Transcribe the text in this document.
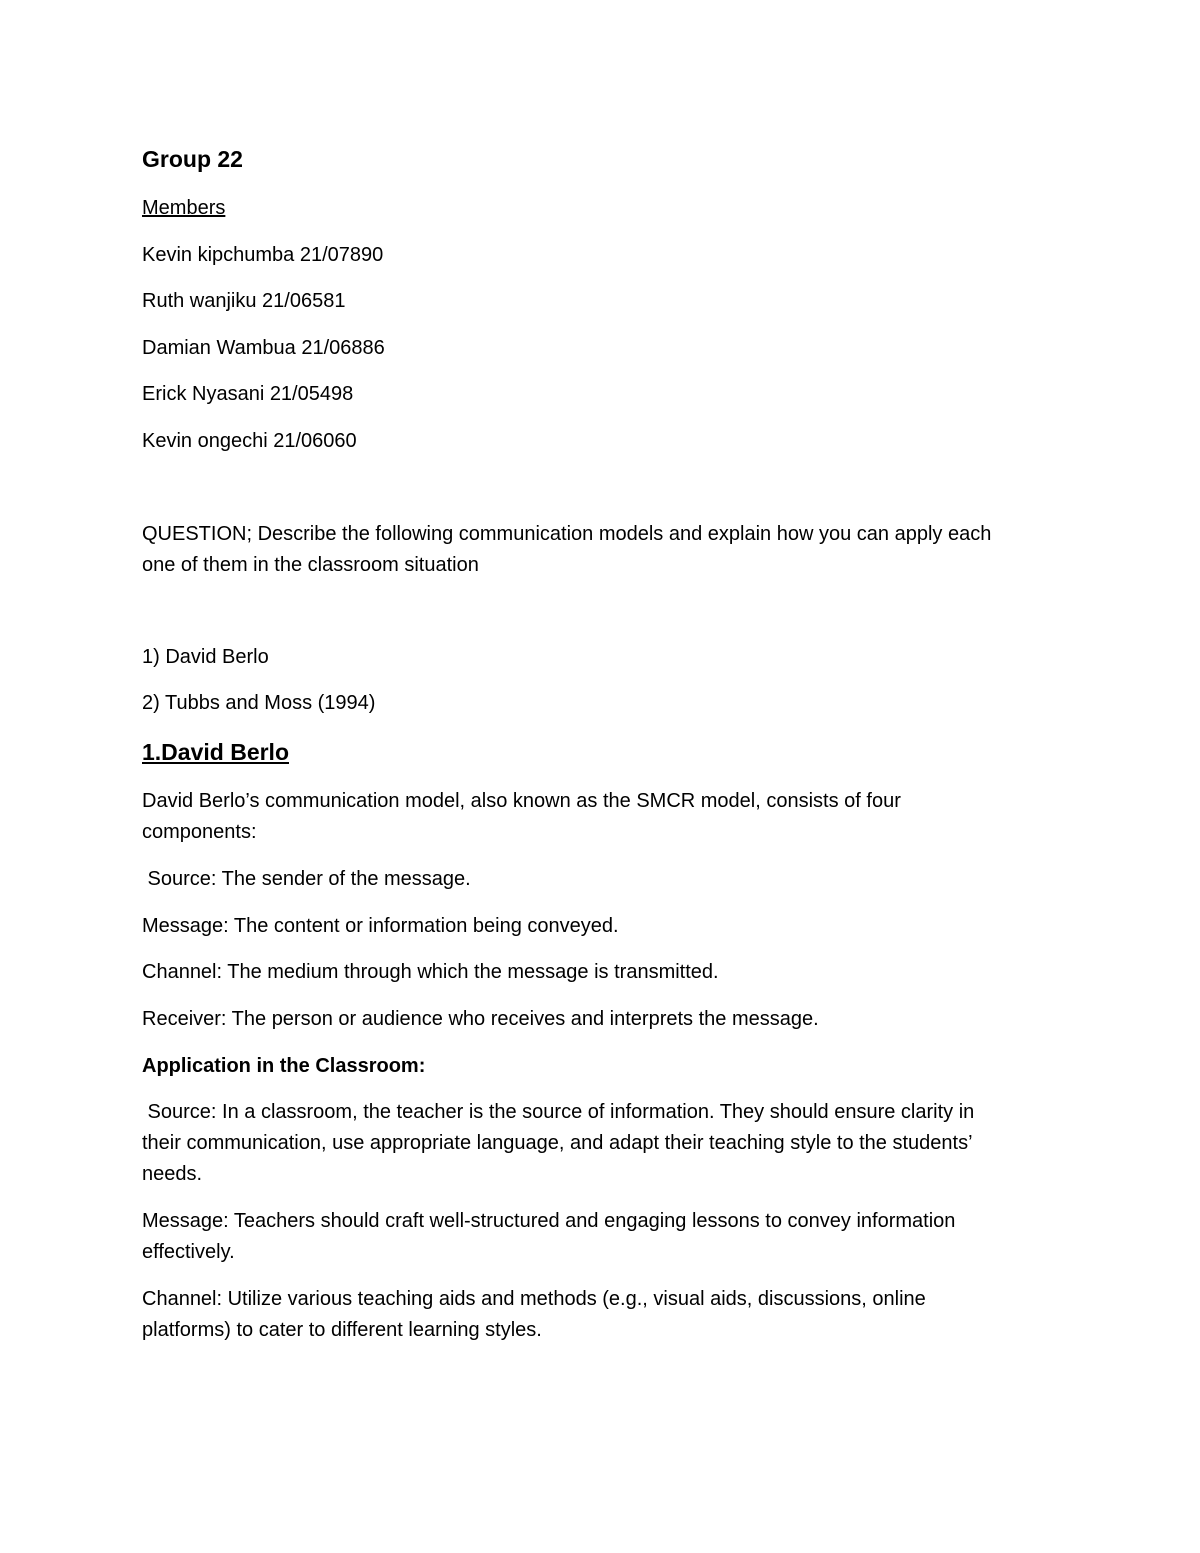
Group 22
Members
Kevin kipchumba 21/07890
Ruth wanjiku 21/06581
Damian Wambua 21/06886
Erick Nyasani 21/05498
Kevin ongechi 21/06060
QUESTION; Describe the following communication models and explain how you can apply each
one of them in the classroom situation
1) David Berlo
2) Tubbs and Moss (1994)
1.David Berlo
David Berlo’s communication model, also known as the SMCR model, consists of four
components:
Source: The sender of the message.
Message: The content or information being conveyed.
Channel: The medium through which the message is transmitted.
Receiver: The person or audience who receives and interprets the message.
Application in the Classroom:
Source: In a classroom, the teacher is the source of information. They should ensure clarity in
their communication, use appropriate language, and adapt their teaching style to the students’
needs.
Message: Teachers should craft well-structured and engaging lessons to convey information
effectively.
Channel: Utilize various teaching aids and methods (e.g., visual aids, discussions, online
platforms) to cater to different learning styles.
